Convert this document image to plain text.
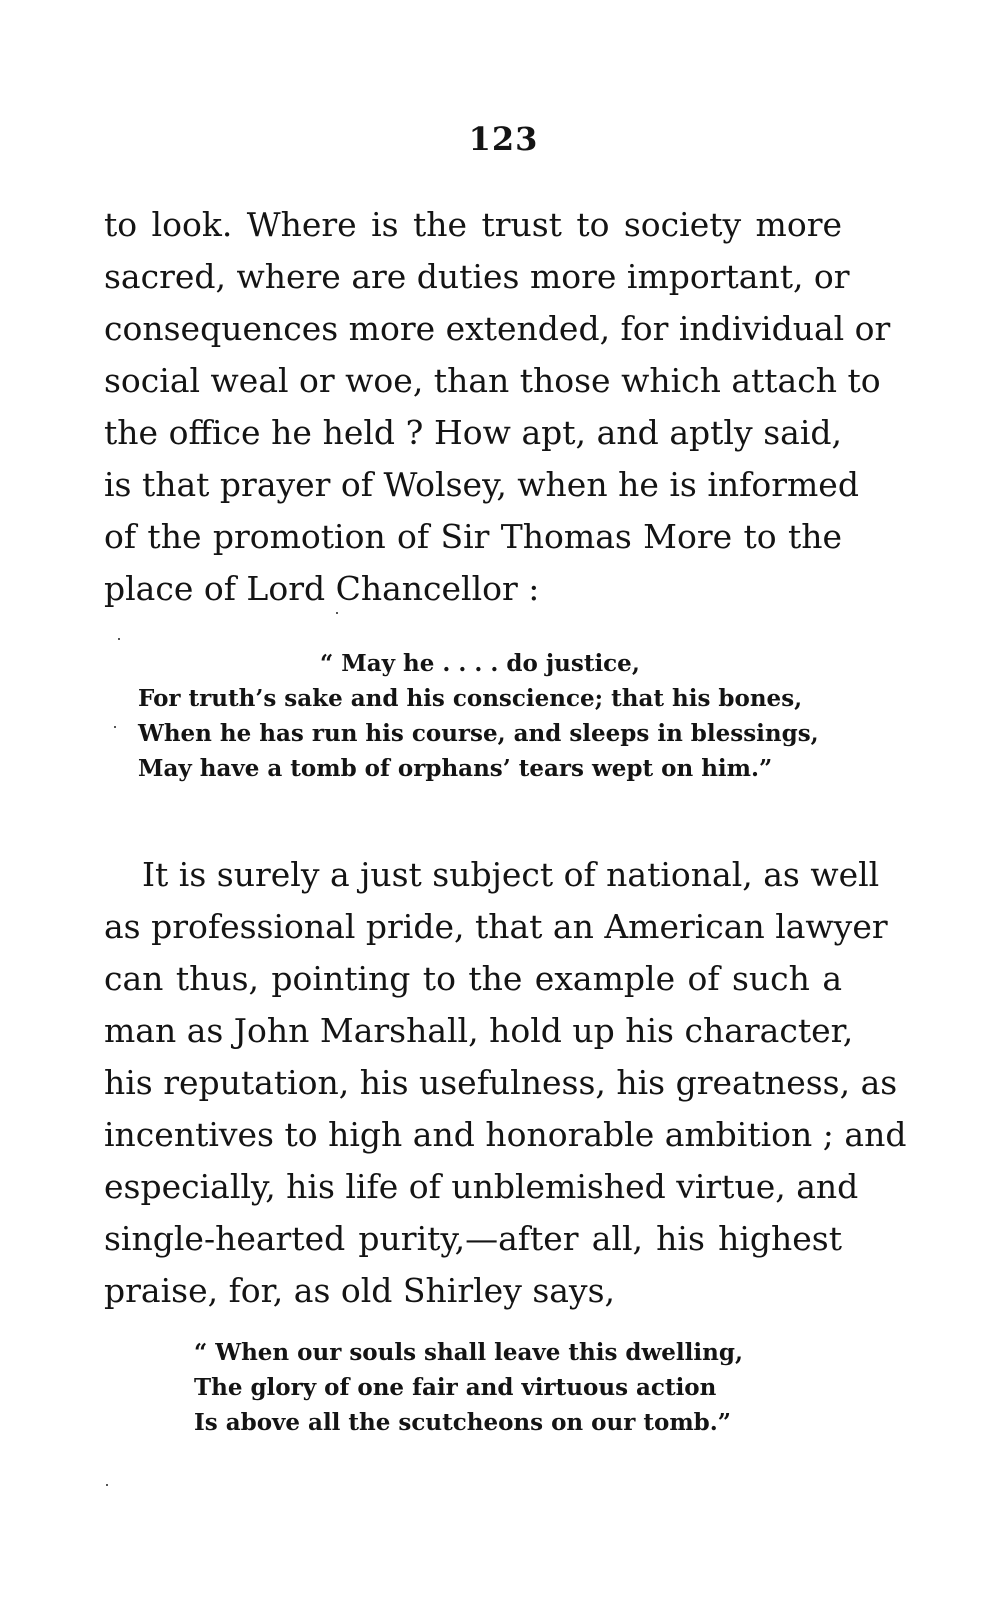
123
to look. Where is the trust to society more
sacred, where are duties more important, or
consequences more extended, for individual or
social weal or woe, than those which attach to
the office he held ? How apt, and aptly said,
is that prayer of Wolsey, when he is informed
of the promotion of Sir Thomas More to the
place of Lord Chancellor :
“ May he . . . . do justice,
For truth’s sake and his conscience; that his bones,
When he has run his course, and sleeps in blessings,
May have a tomb of orphans’ tears wept on him.”
It is surely a just subject of national, as well
as professional pride, that an American lawyer
can thus, pointing to the example of such a
man as John Marshall, hold up his character,
his reputation, his usefulness, his greatness, as
incentives to high and honorable ambition ; and
especially, his life of unblemished virtue, and
single-hearted purity,—after all, his highest
praise, for, as old Shirley says,
“ When our souls shall leave this dwelling,
The glory of one fair and virtuous action
Is above all the scutcheons on our tomb.”
